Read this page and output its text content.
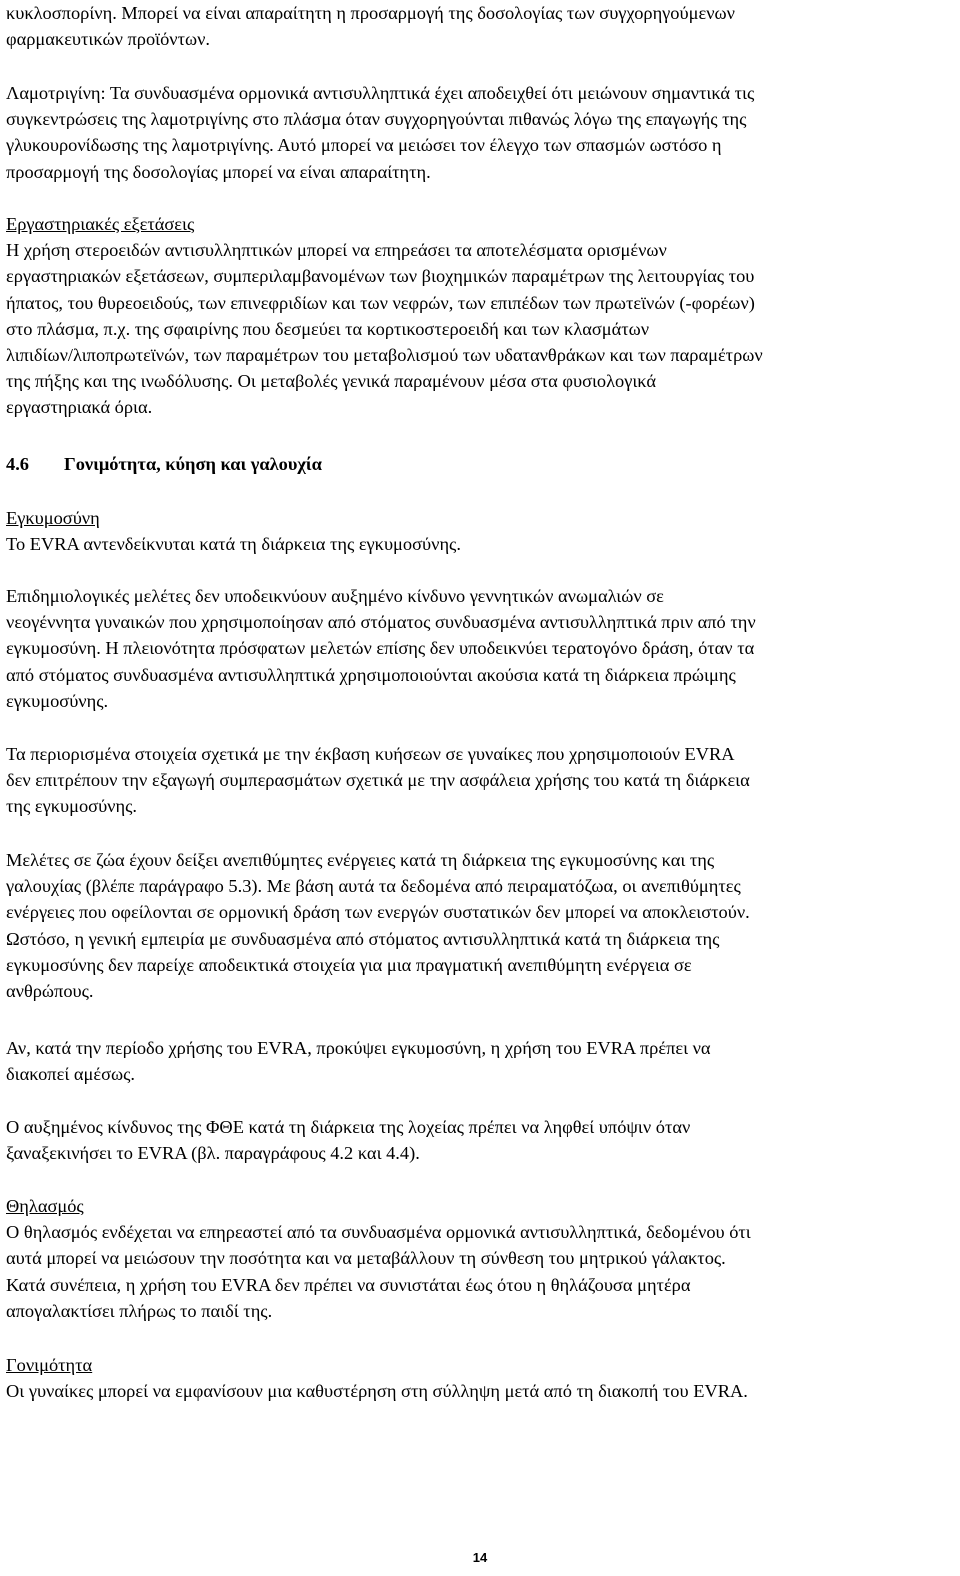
κυκλοσπορίνη. Μπορεί να είναι απαραίτητη η προσαρμογή της δοσολογίας των συγχορηγούμενων
φαρμακευτικών προϊόντων.
Λαμοτριγίνη: Τα συνδυασμένα ορμονικά αντισυλληπτικά έχει αποδειχθεί ότι μειώνουν σημαντικά τις
συγκεντρώσεις της λαμοτριγίνης στο πλάσμα όταν συγχορηγούνται πιθανώς λόγω της επαγωγής της
γλυκουρονίδωσης της λαμοτριγίνης. Αυτό μπορεί να μειώσει τον έλεγχο των σπασμών ωστόσο η
προσαρμογή της δοσολογίας μπορεί να είναι απαραίτητη.
Εργαστηριακές εξετάσεις
Η χρήση στεροειδών αντισυλληπτικών μπορεί να επηρεάσει τα αποτελέσματα ορισμένων
εργαστηριακών εξετάσεων, συμπεριλαμβανομένων των βιοχημικών παραμέτρων της λειτουργίας του
ήπατος, του θυρεοειδούς, των επινεφριδίων και των νεφρών, των επιπέδων των πρωτεϊνών (-φορέων)
στο πλάσμα, π.χ. της σφαιρίνης που δεσμεύει τα κορτικοστεροειδή και των κλασμάτων
λιπιδίων/λιποπρωτεϊνών, των παραμέτρων του μεταβολισμού των υδατανθράκων και των παραμέτρων
της πήξης και της ινωδόλυσης. Οι μεταβολές γενικά παραμένουν μέσα στα φυσιολογικά
εργαστηριακά όρια.
4.6 Γονιμότητα, κύηση και γαλουχία
Εγκυμοσύνη
Το EVRA αντενδείκνυται κατά τη διάρκεια της εγκυμοσύνης.
Επιδημιολογικές μελέτες δεν υποδεικνύουν αυξημένο κίνδυνο γεννητικών ανωμαλιών σε
νεογέννητα γυναικών που χρησιμοποίησαν από στόματος συνδυασμένα αντισυλληπτικά πριν από την
εγκυμοσύνη. Η πλειονότητα πρόσφατων μελετών επίσης δεν υποδεικνύει τερατογόνο δράση, όταν τα
από στόματος συνδυασμένα αντισυλληπτικά χρησιμοποιούνται ακούσια κατά τη διάρκεια πρώιμης
εγκυμοσύνης.
Τα περιορισμένα στοιχεία σχετικά με την έκβαση κυήσεων σε γυναίκες που χρησιμοποιούν EVRA
δεν επιτρέπουν την εξαγωγή συμπερασμάτων σχετικά με την ασφάλεια χρήσης του κατά τη διάρκεια
της εγκυμοσύνης.
Μελέτες σε ζώα έχουν δείξει ανεπιθύμητες ενέργειες κατά τη διάρκεια της εγκυμοσύνης και της
γαλουχίας (βλέπε παράγραφο 5.3). Με βάση αυτά τα δεδομένα από πειραματόζωα, οι ανεπιθύμητες
ενέργειες που οφείλονται σε ορμονική δράση των ενεργών συστατικών δεν μπορεί να αποκλειστούν.
Ωστόσο, η γενική εμπειρία με συνδυασμένα από στόματος αντισυλληπτικά κατά τη διάρκεια της
εγκυμοσύνης δεν παρείχε αποδεικτικά στοιχεία για μια πραγματική ανεπιθύμητη ενέργεια σε
ανθρώπους.
Αν, κατά την περίοδο χρήσης του EVRA, προκύψει εγκυμοσύνη, η χρήση του EVRA πρέπει να
διακοπεί αμέσως.
Ο αυξημένος κίνδυνος της ΦΘΕ κατά τη διάρκεια της λοχείας πρέπει να ληφθεί υπόψιν όταν
ξαναξεκινήσει το EVRA (βλ. παραγράφους 4.2 και 4.4).
Θηλασμός
Ο θηλασμός ενδέχεται να επηρεαστεί από τα συνδυασμένα ορμονικά αντισυλληπτικά, δεδομένου ότι
αυτά μπορεί να μειώσουν την ποσότητα και να μεταβάλλουν τη σύνθεση του μητρικού γάλακτος.
Κατά συνέπεια, η χρήση του EVRA δεν πρέπει να συνιστάται έως ότου η θηλάζουσα μητέρα
απογαλακτίσει πλήρως το παιδί της.
Γονιμότητα
Οι γυναίκες μπορεί να εμφανίσουν μια καθυστέρηση στη σύλληψη μετά από τη διακοπή του EVRA.
14
